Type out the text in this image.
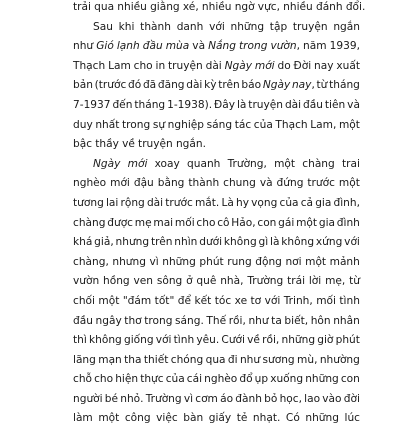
trải qua nhiều giằng xé, nhiều ngờ vực, nhiều đánh đổi.
Sau khi thành danh với những tập truyện ngắn
như Gió lạnh đầu mùa và Nắng trong vườn, năm 1939,
Thạch Lam cho in truyện dài Ngày mới do Đời nay xuất
bản (trước đó đã đăng dài kỳ trên báo Ngày nay, từ tháng
7-1937 đến tháng 1-1938). Đây là truyện dài đầu tiên và
duy nhất trong sự nghiệp sáng tác của Thạch Lam, một
bậc thầy về truyện ngắn.
Ngày mới xoay quanh Trường, một chàng trai
nghèo mới đậu bằng thành chung và đứng trước một
tương lai rộng dài trước mắt. Là hy vọng của cả gia đình,
chàng được mẹ mai mối cho cô Hảo, con gái một gia đình
khá giả, nhưng trên nhìn dưới không gì là không xứng với
chàng, nhưng vì những phút rung động nơi một mảnh
vườn hồng ven sông ở quê nhà, Trường trái lời mẹ, từ
chối một "đám tốt" để kết tóc xe tơ với Trinh, mối tình
đầu ngây thơ trong sáng. Thế rồi, như ta biết, hôn nhân
thì không giống với tình yêu. Cưới về rồi, những giờ phút
lãng mạn tha thiết chóng qua đi như sương mù, nhường
chỗ cho hiện thực của cái nghèo đổ ụp xuống những con
người bé nhỏ. Trường vì cơm áo đành bỏ học, lao vào đời
làm một công việc bàn giấy tẻ nhạt. Có những lúc
